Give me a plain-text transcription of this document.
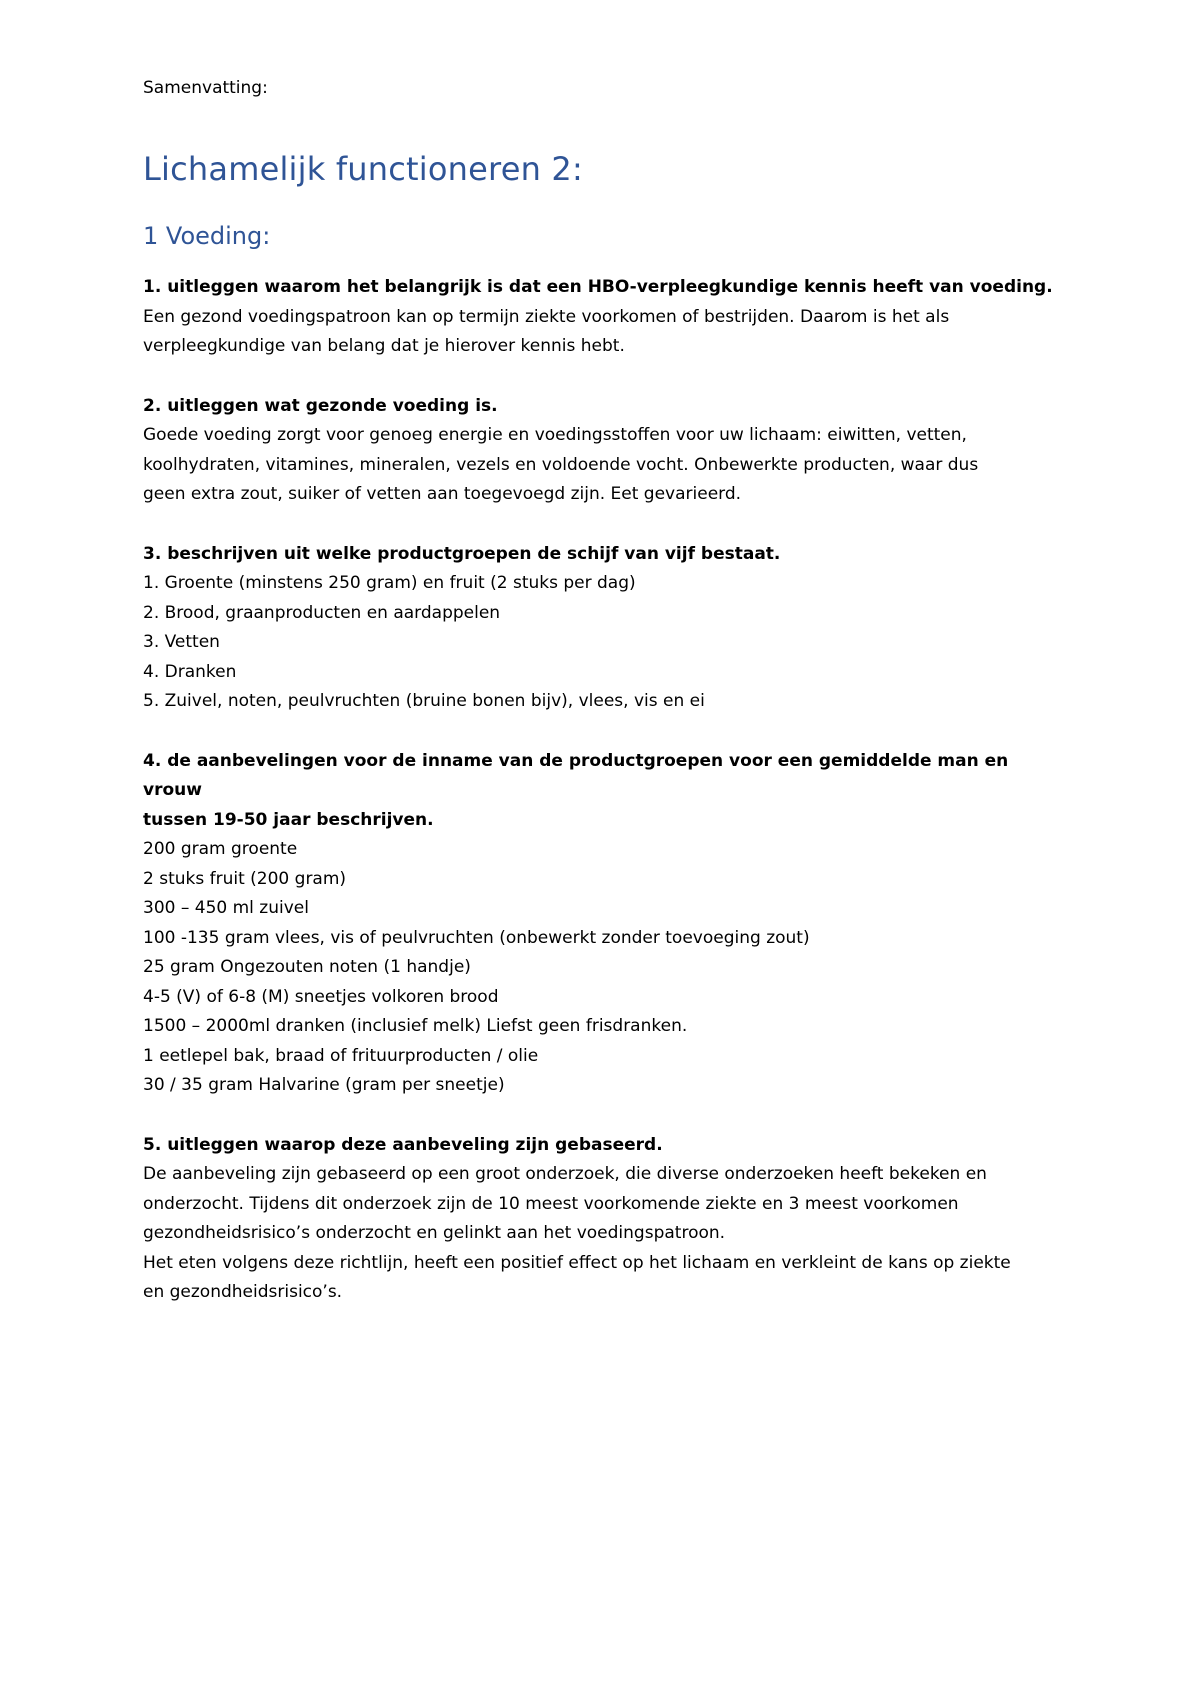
Samenvatting:

Lichamelijk functioneren 2:
1 Voeding:

1. uitleggen waarom het belangrijk is dat een HBO-verpleegkundige kennis heeft van voeding.

Een gezond voedingspatroon kan op termijn ziekte voorkomen of bestrijden. Daarom is het als

verpleegkundige van belang dat je hierover kennis hebt.

2. uitleggen wat gezonde voeding is.

Goede voeding zorgt voor genoeg energie en voedingsstoffen voor uw lichaam: eiwitten, vetten,

koolhydraten, vitamines, mineralen, vezels en voldoende vocht. Onbewerkte producten, waar dus

geen extra zout, suiker of vetten aan toegevoegd zijn. Eet gevarieerd.

3. beschrijven uit welke productgroepen de schijf van vijf bestaat.

1. Groente (minstens 250 gram) en fruit (2 stuks per dag)

2. Brood, graanproducten en aardappelen

3. Vetten

4. Dranken

5. Zuivel, noten, peulvruchten (bruine bonen bijv), vlees, vis en ei

4. de aanbevelingen voor de inname van de productgroepen voor een gemiddelde man en vrouw

tussen 19-50 jaar beschrijven.

200 gram groente

2 stuks fruit (200 gram)

300 – 450 ml zuivel

100 -135 gram vlees, vis of peulvruchten (onbewerkt zonder toevoeging zout)

25 gram Ongezouten noten (1 handje)

4-5 (V) of 6-8 (M) sneetjes volkoren brood

1500 – 2000ml dranken (inclusief melk) Liefst geen frisdranken.

1 eetlepel bak, braad of frituurproducten / olie

30 / 35 gram Halvarine (gram per sneetje)

5. uitleggen waarop deze aanbeveling zijn gebaseerd.

De aanbeveling zijn gebaseerd op een groot onderzoek, die diverse onderzoeken heeft bekeken en

onderzocht. Tijdens dit onderzoek zijn de 10 meest voorkomende ziekte en 3 meest voorkomen

gezondheidsrisico’s onderzocht en gelinkt aan het voedingspatroon.

Het eten volgens deze richtlijn, heeft een positief effect op het lichaam en verkleint de kans op ziekte

en gezondheidsrisico’s.
